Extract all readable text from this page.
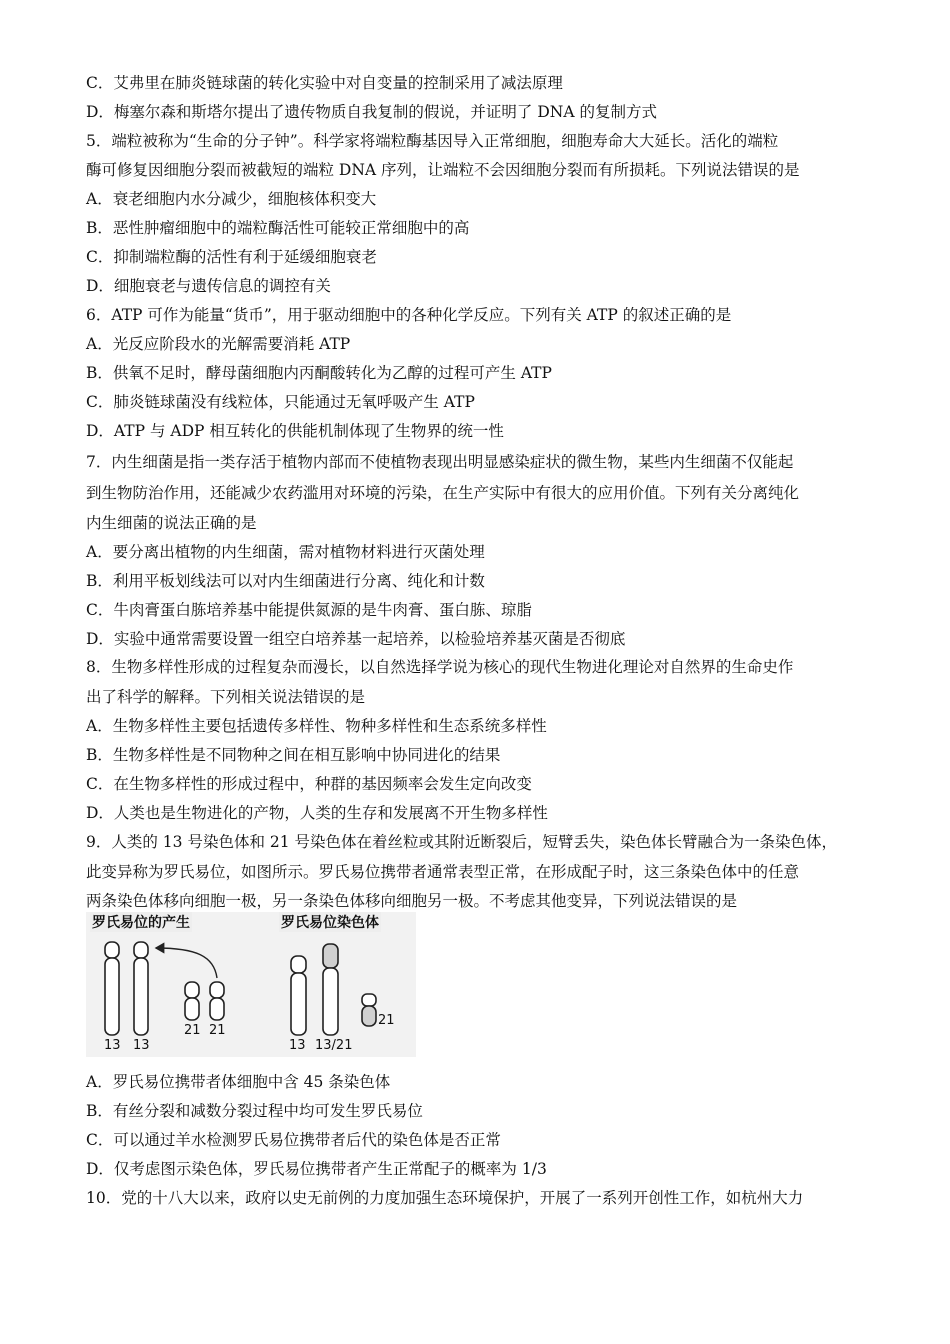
C．艾弗里在肺炎链球菌的转化实验中对自变量的控制采用了减法原理
D．梅塞尔森和斯塔尔提出了遗传物质自我复制的假说，并证明了 DNA 的复制方式
5．端粒被称为“生命的分子钟”。科学家将端粒酶基因导入正常细胞，细胞寿命大大延长。活化的端粒
酶可修复因细胞分裂而被截短的端粒 DNA 序列，让端粒不会因细胞分裂而有所损耗。下列说法错误的是
A．衰老细胞内水分减少，细胞核体积变大
B．恶性肿瘤细胞中的端粒酶活性可能较正常细胞中的高
C．抑制端粒酶的活性有利于延缓细胞衰老
D．细胞衰老与遗传信息的调控有关
6．ATP 可作为能量“货币”，用于驱动细胞中的各种化学反应。下列有关 ATP 的叙述正确的是
A．光反应阶段水的光解需要消耗 ATP
B．供氧不足时，酵母菌细胞内丙酮酸转化为乙醇的过程可产生 ATP
C．肺炎链球菌没有线粒体，只能通过无氧呼吸产生 ATP
D．ATP 与 ADP 相互转化的供能机制体现了生物界的统一性
7．内生细菌是指一类存活于植物内部而不使植物表现出明显感染症状的微生物，某些内生细菌不仅能起
到生物防治作用，还能减少农药滥用对环境的污染，在生产实际中有很大的应用价值。下列有关分离纯化
内生细菌的说法正确的是
A．要分离出植物的内生细菌，需对植物材料进行灭菌处理
B．利用平板划线法可以对内生细菌进行分离、纯化和计数
C．牛肉膏蛋白胨培养基中能提供氮源的是牛肉膏、蛋白胨、琼脂
D．实验中通常需要设置一组空白培养基一起培养，以检验培养基灭菌是否彻底
8．生物多样性形成的过程复杂而漫长，以自然选择学说为核心的现代生物进化理论对自然界的生命史作
出了科学的解释。下列相关说法错误的是
A．生物多样性主要包括遗传多样性、物种多样性和生态系统多样性
B．生物多样性是不同物种之间在相互影响中协同进化的结果
C．在生物多样性的形成过程中，种群的基因频率会发生定向改变
D．人类也是生物进化的产物，人类的生存和发展离不开生物多样性
9．人类的 13 号染色体和 21 号染色体在着丝粒或其附近断裂后，短臂丢失，染色体长臂融合为一条染色体，
此变异称为罗氏易位，如图所示。罗氏易位携带者通常表型正常，在形成配子时，这三条染色体中的任意
两条染色体移向细胞一极，另一条染色体移向细胞另一极。不考虑其他变异，下列说法错误的是
罗氏易位的产生	罗氏易位染色体
13 13
21 21
13 13/21
21
A．罗氏易位携带者体细胞中含 45 条染色体
B．有丝分裂和减数分裂过程中均可发生罗氏易位
C．可以通过羊水检测罗氏易位携带者后代的染色体是否正常
D．仅考虑图示染色体，罗氏易位携带者产生正常配子的概率为 1/3
10．党的十八大以来，政府以史无前例的力度加强生态环境保护，开展了一系列开创性工作，如杭州大力
